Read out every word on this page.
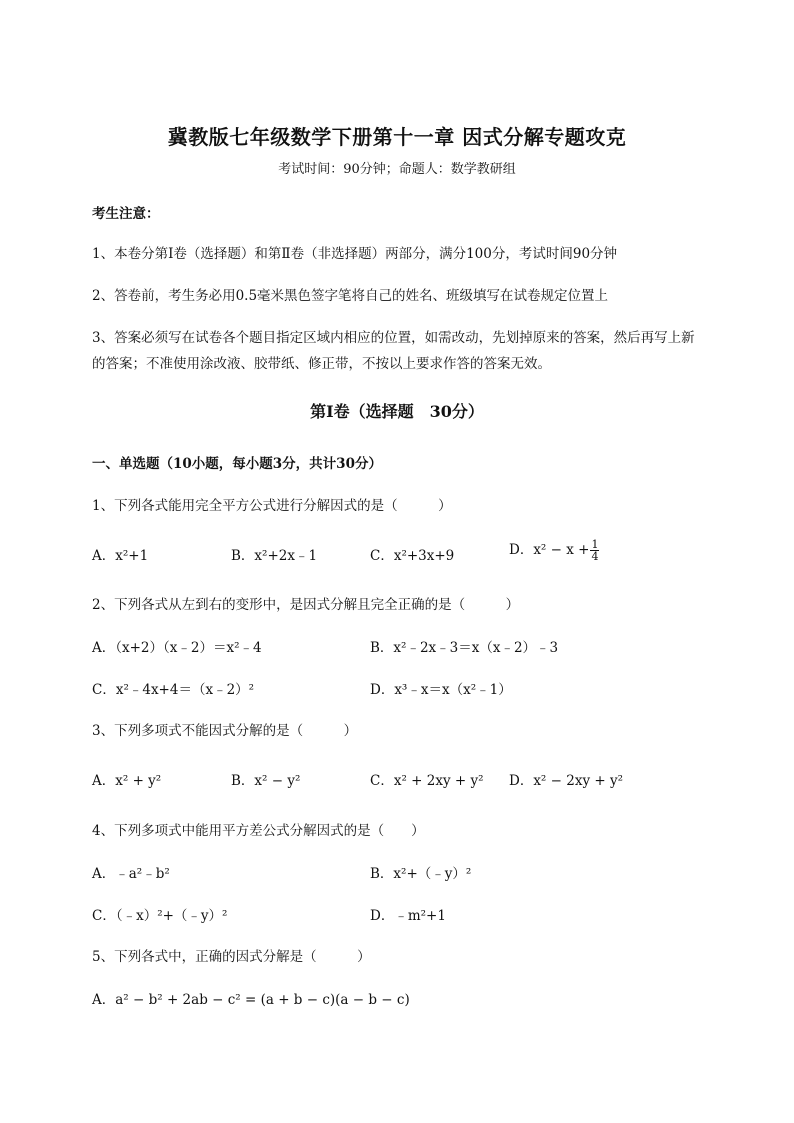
冀教版七年级数学下册第十一章 因式分解专题攻克
考试时间：90分钟；命题人：数学教研组
考生注意：
1、本卷分第I卷（选择题）和第Ⅱ卷（非选择题）两部分，满分100分，考试时间90分钟
2、答卷前，考生务必用0.5毫米黑色签字笔将自己的姓名、班级填写在试卷规定位置上
3、答案必须写在试卷各个题目指定区域内相应的位置，如需改动，先划掉原来的答案，然后再写上新
的答案；不准使用涂改液、胶带纸、修正带，不按以上要求作答的答案无效。
第I卷（选择题　30分）
一、单选题（10小题，每小题3分，共计30分）
1、下列各式能用完全平方公式进行分解因式的是（　　　）
A．x²+1	B．x²+2x﹣1	C．x²+3x+9	D．$x^2 - x + \frac{1}{4}$
2、下列各式从左到右的变形中，是因式分解且完全正确的是（　　　）
A．（x+2）（x﹣2）＝x²﹣4	B．x²﹣2x﹣3＝x（x﹣2）﹣3
C．x²﹣4x+4＝（x﹣2）²	D．x³﹣x＝x（x²﹣1）
3、下列多项式不能因式分解的是（　　　）
A．x² + y²	B．x² − y²	C．x² + 2xy + y² D．x² − 2xy + y²
4、下列多项式中能用平方差公式分解因式的是（　　）
A．﹣a²﹣b²	B．x²+（﹣y）²
C．（﹣x）²+（﹣y）²	D．﹣m²+1
5、下列各式中，正确的因式分解是（　　　）
A．a² − b² + 2ab − c² = (a + b − c)(a − b − c)
